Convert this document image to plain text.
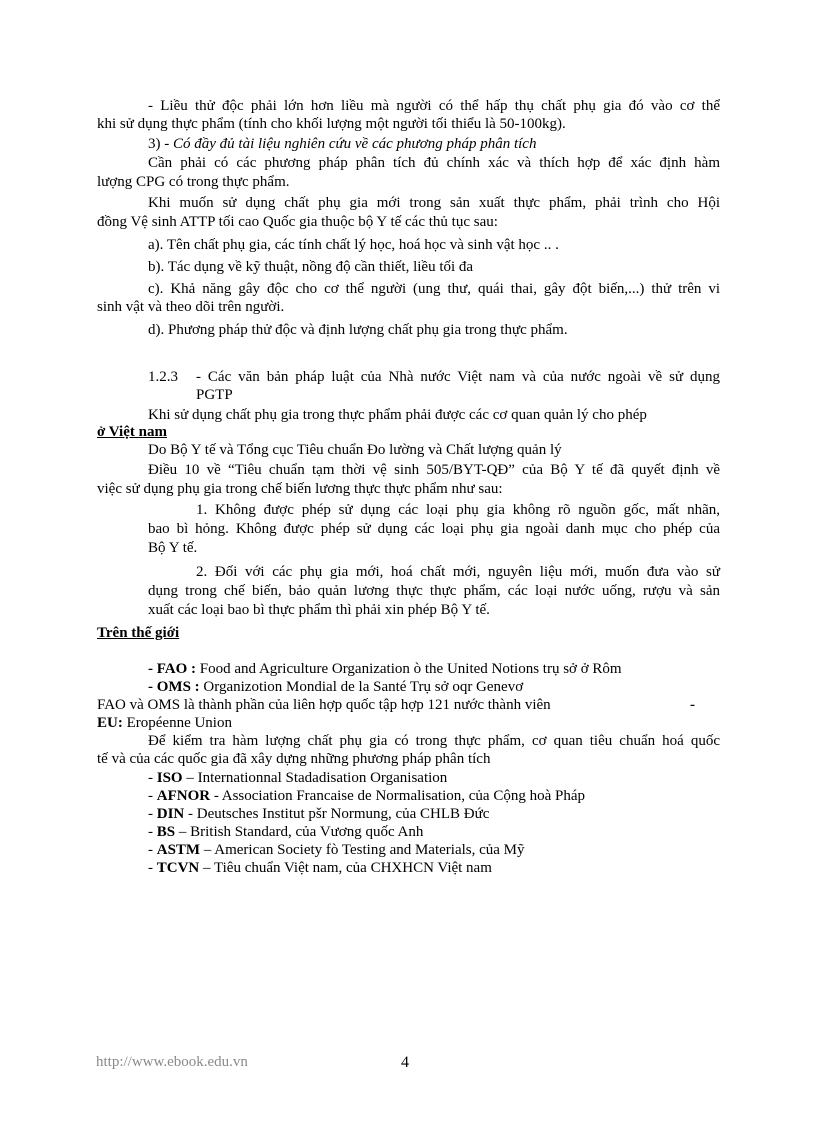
- Liều thử độc phải lớn hơn liều mà người có thể hấp thụ chất phụ gia đó vào cơ thể
khi sử dụng thực phẩm (tính cho khối lượng một người tối thiểu là 50-100kg).
3) - Có đầy đủ tài liệu nghiên cứu về các phương pháp phân tích
Cần phải có các phương pháp phân tích đủ chính xác và thích hợp để xác định hàm
lượng CPG có trong thực phẩm.
Khi muốn sử dụng chất phụ gia mới trong sản xuất thực phẩm, phải trình cho Hội
đồng Vệ sinh ATTP tối cao Quốc gia thuộc bộ Y tế các thủ tục sau:
a). Tên chất phụ gia, các tính chất lý học, hoá học và sinh vật học .. .
b). Tác dụng về kỹ thuật, nồng độ cần thiết, liều tối đa
c). Khả năng gây độc cho cơ thể người (ung thư, quái thai, gây đột biến,...) thử trên vi
sinh vật và theo dõi trên người.
d). Phương pháp thử độc và định lượng chất phụ gia trong thực phẩm.
1.2.3 - Các văn bản pháp luật của Nhà nước Việt nam và của nước ngoài về sử dụng
PGTP
Khi sử dụng chất phụ gia trong thực phẩm phải được các cơ quan quản lý cho phép
ở Việt nam
Do Bộ Y tế và Tổng cục Tiêu chuẩn Đo lường và Chất lượng quản lý
Điều 10 về “Tiêu chuẩn tạm thời vệ sinh 505/BYT-QĐ” của Bộ Y tế đã quyết định về
việc sử dụng phụ gia trong chế biến lương thực thực phẩm như sau:
1. Không được phép sử dụng các loại phụ gia không rõ nguồn gốc, mất nhãn,
bao bì hỏng. Không được phép sử dụng các loại phụ gia ngoài danh mục cho phép của
Bộ Y tế.
2. Đối với các phụ gia mới, hoá chất mới, nguyên liệu mới, muốn đưa vào sử
dụng trong chế biến, bảo quản lương thực thực phẩm, các loại nước uống, rượu và sản
xuất các loại bao bì thực phẩm thì phải xin phép Bộ Y tế.
Trên thế giới
- FAO : Food and Agriculture Organization ò the United Notions trụ sở ở Rôm
- OMS : Organizotion Mondial de la Santé Trụ sở oqr Genevơ
FAO và OMS là thành phần của liên hợp quốc tập hợp 121 nước thành viên	-
EU: Eropéenne Union
Để kiểm tra hàm lượng chất phụ gia có trong thực phẩm, cơ quan tiêu chuẩn hoá quốc
tế và của các quốc gia đã xây dựng những phương pháp phân tích
- ISO – Internationnal Stadadisation Organisation
- AFNOR - Association Francaise de Normalisation, của Cộng hoà Pháp
- DIN - Deutsches Institut pšr Normung, của CHLB Đức
- BS – British Standard, của Vương quốc Anh
- ASTM – American Society fò Testing and Materials, của Mỹ
- TCVN – Tiêu chuẩn Việt nam, của CHXHCN Việt nam
http://www.ebook.edu.vn	4
